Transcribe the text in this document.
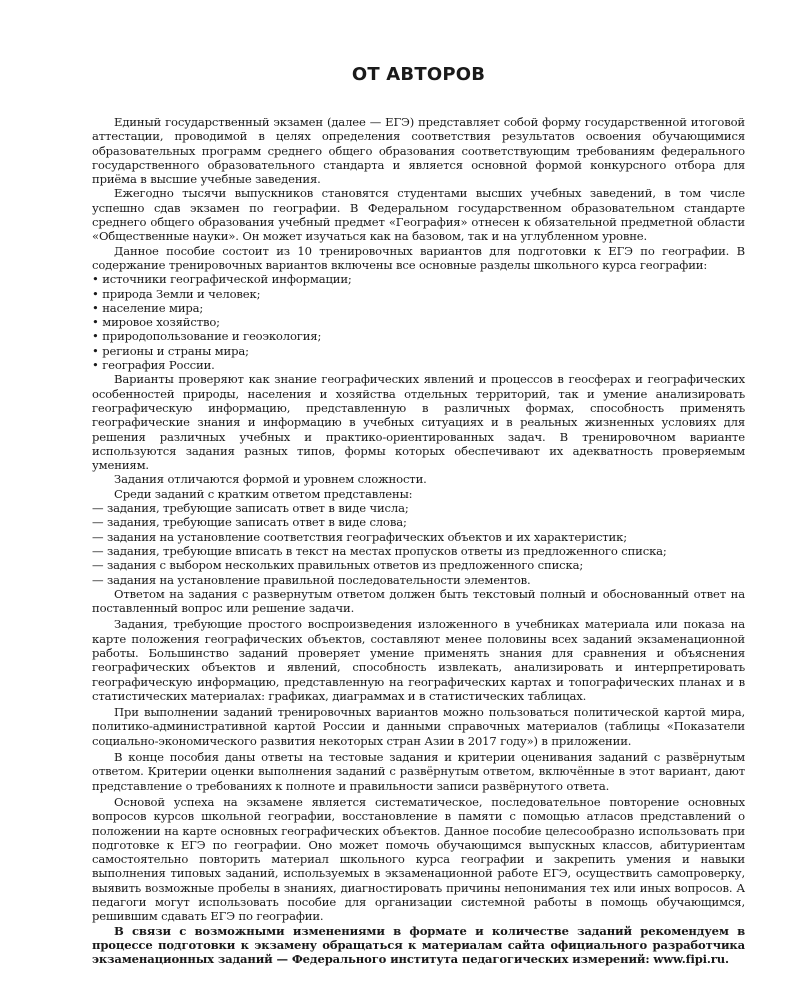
ОТ АВТОРОВ

Единый государственный экзамен (далее — ЕГЭ) представляет собой форму государственной итоговой аттестации, проводимой в целях определения соответствия результатов освоения обучающимися образовательных программ среднего общего образования соответствующим требованиям федерального государственного образовательного стандарта и является основной формой конкурсного отбора для приёма в высшие учебные заведения.

Ежегодно тысячи выпускников становятся студентами высших учебных заведений, в том числе успешно сдав экзамен по географии. В Федеральном государственном образовательном стандарте среднего общего образования учебный предмет «География» отнесен к обязательной предметной области «Общественные науки». Он может изучаться как на базовом, так и на углубленном уровне.

Данное пособие состоит из 10 тренировочных вариантов для подготовки к ЕГЭ по географии. В содержание тренировочных вариантов включены все основные разделы школьного курса географии:

• источники географической информации;
• природа Земли и человек;
• население мира;
• мировое хозяйство;
• природопользование и геоэкология;
• регионы и страны мира;
• география России.

Варианты проверяют как знание географических явлений и процессов в геосферах и географических особенностей природы, населения и хозяйства отдельных территорий, так и умение анализировать географическую информацию, представленную в различных формах, способность применять географические знания и информацию в учебных ситуациях и в реальных жизненных условиях для решения различных учебных и практико-ориентированных задач. В тренировочном варианте используются задания разных типов, формы которых обеспечивают их адекватность проверяемым умениям.

Задания отличаются формой и уровнем сложности.

Среди заданий с кратким ответом представлены:

— задания, требующие записать ответ в виде числа;
— задания, требующие записать ответ в виде слова;
— задания на установление соответствия географических объектов и их характеристик;
— задания, требующие вписать в текст на местах пропусков ответы из предложенного списка;
— задания с выбором нескольких правильных ответов из предложенного списка;
— задания на установление правильной последовательности элементов.

Ответом на задания с развернутым ответом должен быть текстовый полный и обоснованный ответ на поставленный вопрос или решение задачи.

Задания, требующие простого воспроизведения изложенного в учебниках материала или показа на карте положения географических объектов, составляют менее половины всех заданий экзаменационной работы. Большинство заданий проверяет умение применять знания для сравнения и объяснения географических объектов и явлений, способность извлекать, анализировать и интерпретировать географическую информацию, представленную на географических картах и топографических планах и в статистических материалах: графиках, диаграммах и в статистических таблицах.

При выполнении заданий тренировочных вариантов можно пользоваться политической картой мира, политико-административной картой России и данными справочных материалов (таблицы «Показатели социально-экономического развития некоторых стран Азии в 2017 году») в приложении.

В конце пособия даны ответы на тестовые задания и критерии оценивания заданий с развёрнутым ответом. Критерии оценки выполнения заданий с развёрнутым ответом, включённые в этот вариант, дают представление о требованиях к полноте и правильности записи развёрнутого ответа.

Основой успеха на экзамене является систематическое, последовательное повторение основных вопросов курсов школьной географии, восстановление в памяти с помощью атласов представлений о положении на карте основных географических объектов. Данное пособие целесообразно использовать при подготовке к ЕГЭ по географии. Оно может помочь обучающимся выпускных классов, абитуриентам самостоятельно повторить материал школьного курса географии и закрепить умения и навыки выполнения типовых заданий, используемых в экзаменационной работе ЕГЭ, осуществить самопроверку, выявить возможные пробелы в знаниях, диагностировать причины непонимания тех или иных вопросов. А педагоги могут использовать пособие для организации системной работы в помощь обучающимся, решившим сдавать ЕГЭ по географии.

В связи с возможными изменениями в формате и количестве заданий рекомендуем в процессе подготовки к экзамену обращаться к материалам сайта официального разработчика экзаменационных заданий — Федерального института педагогических измерений: www.fipi.ru.
